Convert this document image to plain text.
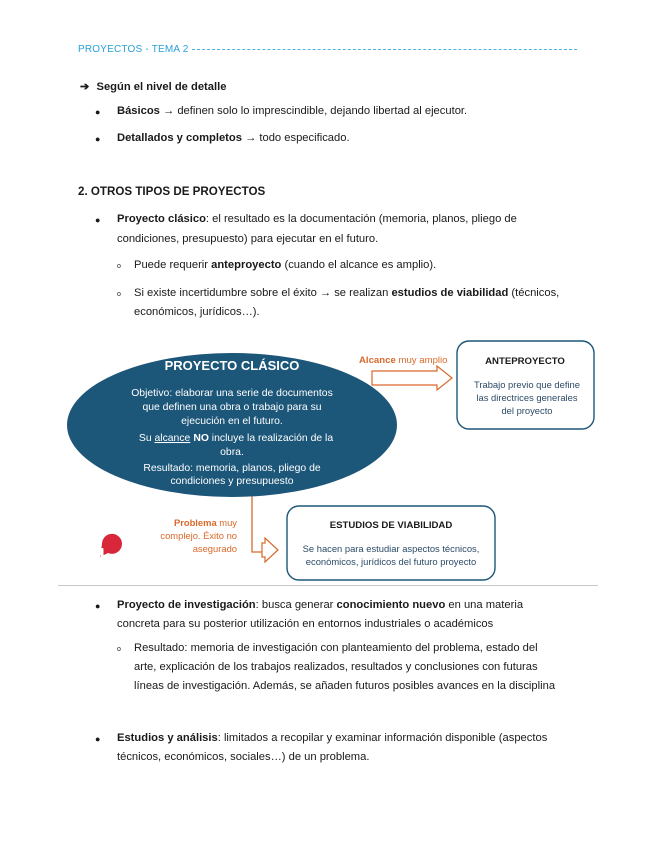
PROYECTOS - TEMA 2
➔ Según el nivel de detalle
● Básicos → definen solo lo imprescindible, dejando libertad al ejecutor.
● Detallados y completos → todo especificado.
2. OTROS TIPOS DE PROYECTOS
● Proyecto clásico: el resultado es la documentación (memoria, planos, pliego de
condiciones, presupuesto) para ejecutar en el futuro.
o Puede requerir anteproyecto (cuando el alcance es amplio).
o Si existe incertidumbre sobre el éxito → se realizan estudios de viabilidad (técnicos,
económicos, jurídicos…).
PROYECTO CLÁSICO
Objetivo: elaborar una serie de documentos
que definen una obra o trabajo para su
ejecución en el futuro.
Su alcance NO incluye la realización de la
obra.
Resultado: memoria, planos, pliego de
condiciones y presupuesto
Alcance muy amplio	ANTEPROYECTO
Trabajo previo que define
las directrices generales
del proyecto
Problema muy
complejo. Éxito no
asegurado
ESTUDIOS DE VIABILIDAD
Se hacen para estudiar aspectos técnicos,
económicos, jurídicos del futuro proyecto
● Proyecto de investigación: busca generar conocimiento nuevo en una materia
concreta para su posterior utilización en entornos industriales o académicos
o Resultado: memoria de investigación con planteamiento del problema, estado del
arte, explicación de los trabajos realizados, resultados y conclusiones con futuras
líneas de investigación. Además, se añaden futuros posibles avances en la disciplina
● Estudios y análisis: limitados a recopilar y examinar información disponible (aspectos
técnicos, económicos, sociales…) de un problema.
